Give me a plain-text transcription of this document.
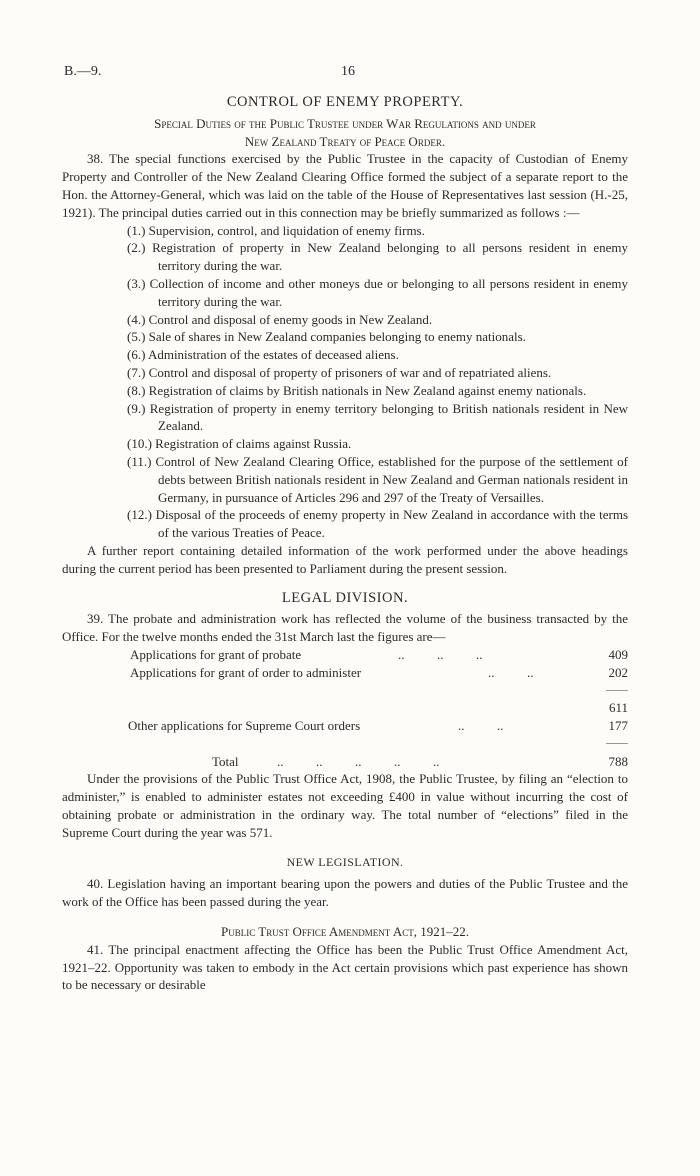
B.—9.	16
CONTROL OF ENEMY PROPERTY.
Special Duties of the Public Trustee under War Regulations and under
New Zealand Treaty of Peace Order.

38. The special functions exercised by the Public Trustee in the capacity of Custodian of Enemy Property and Controller of the New Zealand Clearing Office formed the subject of a separate report to the Hon. the Attorney-General, which was laid on the table of the House of Representatives last session (H.-25, 1921). The principal duties carried out in this connection may be briefly summarized as follows :—

(1.) Supervision, control, and liquidation of enemy firms.
(2.) Registration of property in New Zealand belonging to all persons resident in enemy territory during the war.
(3.) Collection of income and other moneys due or belonging to all persons resident in enemy territory during the war.
(4.) Control and disposal of enemy goods in New Zealand.
(5.) Sale of shares in New Zealand companies belonging to enemy nationals.
(6.) Administration of the estates of deceased aliens.
(7.) Control and disposal of property of prisoners of war and of repatriated aliens.
(8.) Registration of claims by British nationals in New Zealand against enemy nationals.
(9.) Registration of property in enemy territory belonging to British nationals resident in New Zealand.
(10.) Registration of claims against Russia.
(11.) Control of New Zealand Clearing Office, established for the purpose of the settlement of debts between British nationals resident in New Zealand and German nationals resident in Germany, in pursuance of Articles 296 and 297 of the Treaty of Versailles.
(12.) Disposal of the proceeds of enemy property in New Zealand in accordance with the terms of the various Treaties of Peace.

A further report containing detailed information of the work performed under the above headings during the current period has been presented to Parliament during the present session.

LEGAL DIVISION.

39. The probate and administration work has reflected the volume of the business transacted by the Office. For the twelve months ended the 31st March last the figures are—

Applications for grant of probate	..          ..          ..	409
Applications for grant of order to administer	..          ..	202
611
Other applications for Supreme Court orders	..          ..	177
Total	..          ..          ..          ..          ..	788

Under the provisions of the Public Trust Office Act, 1908, the Public Trustee, by filing an “election to administer,” is enabled to administer estates not exceeding £400 in value without incurring the cost of obtaining probate or administration in the ordinary way. The total number of “elections” filed in the Supreme Court during the year was 571.

NEW LEGISLATION.

40. Legislation having an important bearing upon the powers and duties of the Public Trustee and the work of the Office has been passed during the year.

Public Trust Office Amendment Act, 1921–22.

41. The principal enactment affecting the Office has been the Public Trust Office Amendment Act, 1921–22. Opportunity was taken to embody in the Act certain provisions which past experience has shown to be necessary or desirable
